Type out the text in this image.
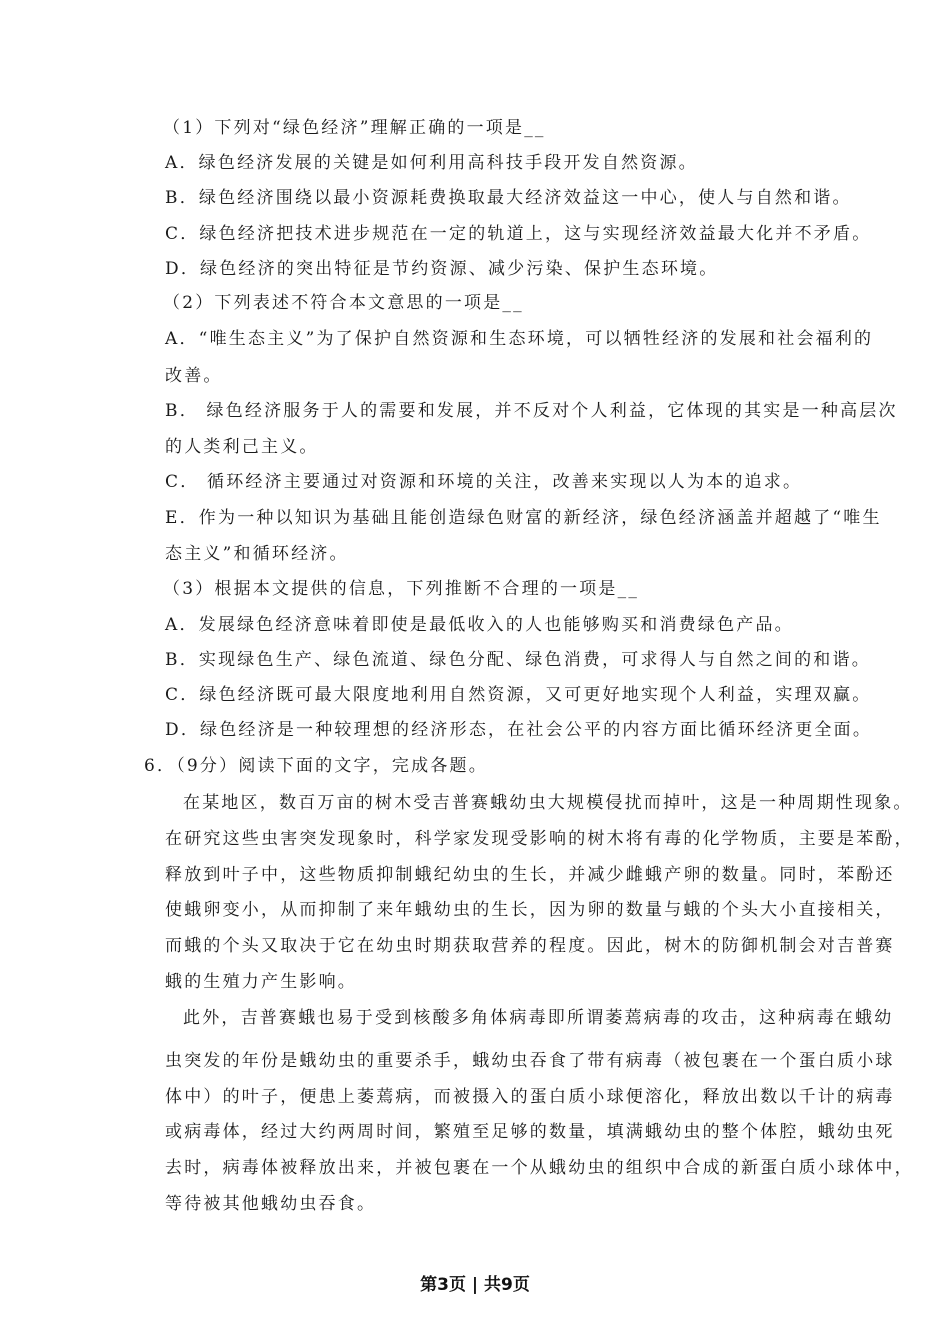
（1）下列对“绿色经济”理解正确的一项是__
A．绿色经济发展的关键是如何利用高科技手段开发自然资源。
B．绿色经济围绕以最小资源耗费换取最大经济效益这一中心，使人与自然和谐。
C．绿色经济把技术进步规范在一定的轨道上，这与实现经济效益最大化并不矛盾。
D．绿色经济的突出特征是节约资源、减少污染、保护生态环境。
（2）下列表述不符合本文意思的一项是__
A．“唯生态主义”为了保护自然资源和生态环境，可以牺牲经济的发展和社会福利的
改善。
B． 绿色经济服务于人的需要和发展，并不反对个人利益，它体现的其实是一种高层次
的人类利己主义。
C． 循环经济主要通过对资源和环境的关注，改善来实现以人为本的追求。
E．作为一种以知识为基础且能创造绿色财富的新经济，绿色经济涵盖并超越了“唯生
态主义”和循环经济。
（3）根据本文提供的信息，下列推断不合理的一项是__
A．发展绿色经济意味着即使是最低收入的人也能够购买和消费绿色产品。
B．实现绿色生产、绿色流道、绿色分配、绿色消费，可求得人与自然之间的和谐。
C．绿色经济既可最大限度地利用自然资源，又可更好地实现个人利益，实理双赢。
D．绿色经济是一种较理想的经济形态，在社会公平的内容方面比循环经济更全面。
6．（9分）阅读下面的文字，完成各题。
在某地区，数百万亩的树木受吉普赛蛾幼虫大规模侵扰而掉叶，这是一种周期性现象。
在研究这些虫害突发现象时，科学家发现受影响的树木将有毒的化学物质，主要是苯酚，
释放到叶子中，这些物质抑制蛾纪幼虫的生长，并减少雌蛾产卵的数量。同时，苯酚还
使蛾卵变小，从而抑制了来年蛾幼虫的生长，因为卵的数量与蛾的个头大小直接相关，
而蛾的个头又取决于它在幼虫时期获取营养的程度。因此，树木的防御机制会对吉普赛
蛾的生殖力产生影响。
此外，吉普赛蛾也易于受到核酸多角体病毒即所谓萎蔫病毒的攻击，这种病毒在蛾幼
虫突发的年份是蛾幼虫的重要杀手，蛾幼虫吞食了带有病毒（被包裹在一个蛋白质小球
体中）的叶子，便患上萎蔫病，而被摄入的蛋白质小球便溶化，释放出数以千计的病毒
或病毒体，经过大约两周时间，繁殖至足够的数量，填满蛾幼虫的整个体腔，蛾幼虫死
去时，病毒体被释放出来，并被包裹在一个从蛾幼虫的组织中合成的新蛋白质小球体中，
等待被其他蛾幼虫吞食。
第3页 | 共9页
